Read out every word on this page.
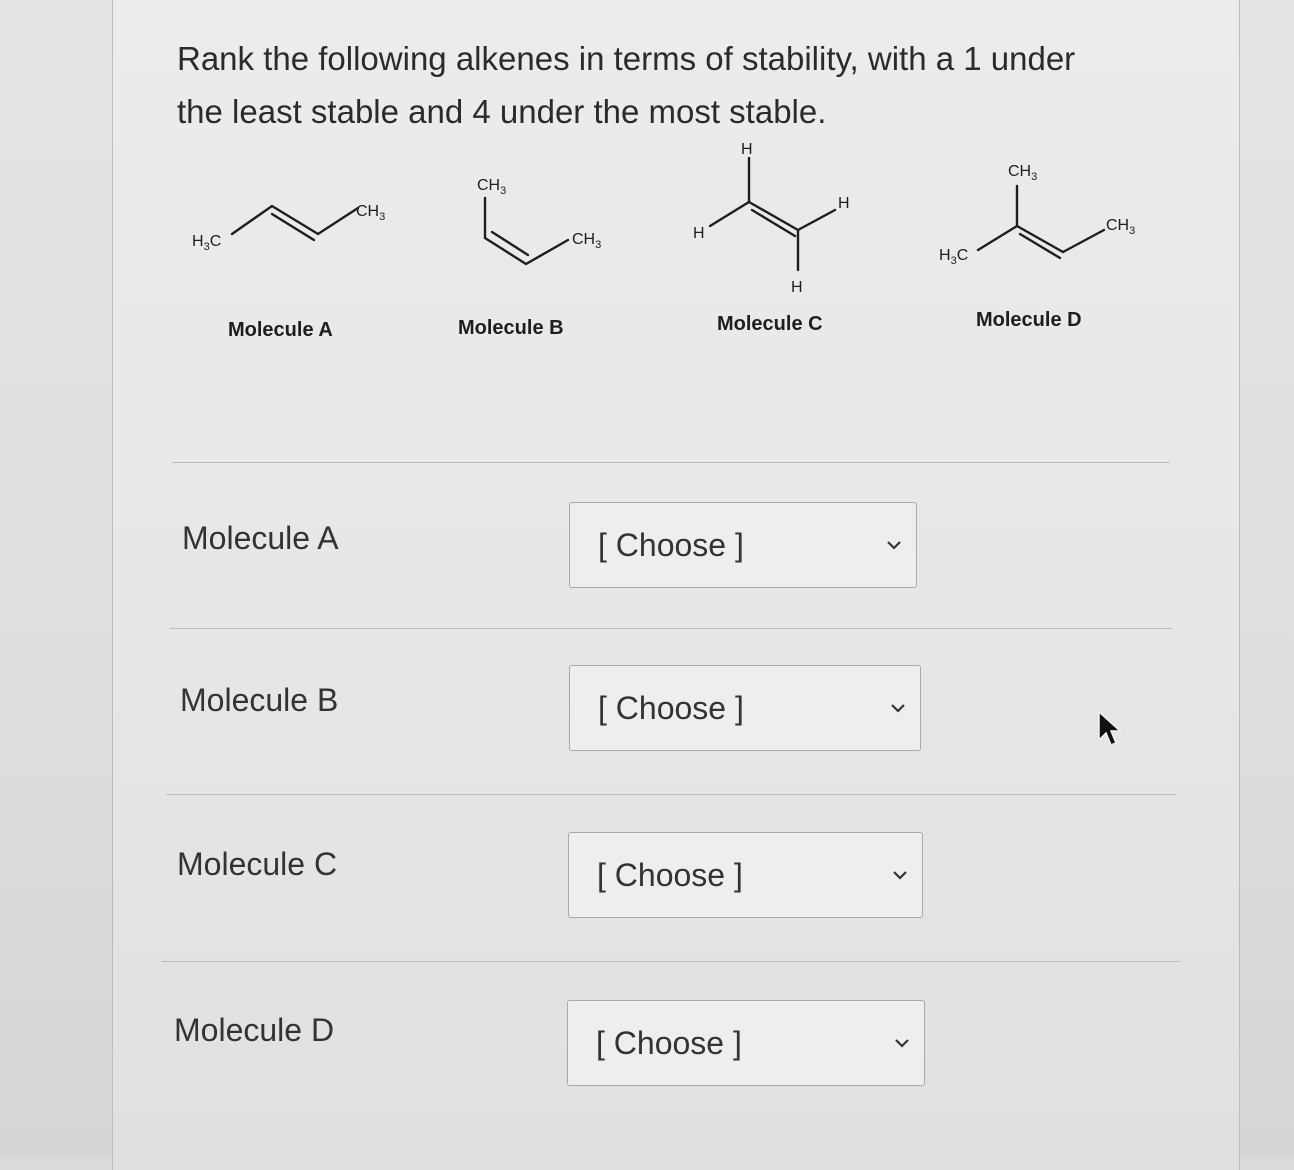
Rank the following alkenes in terms of stability, with a 1 under the least stable and 4 under the most stable.

$H_3C$
$CH_3$
Molecule A
$CH_3$
$CH_3$
Molecule B
H
H
H
H
Molecule C
$CH_3$
$H_3C$
$CH_3$
Molecule D
Molecule A	[ Choose ]
Molecule B	[ Choose ]
Molecule C	[ Choose ]
Molecule D	[ Choose ]
